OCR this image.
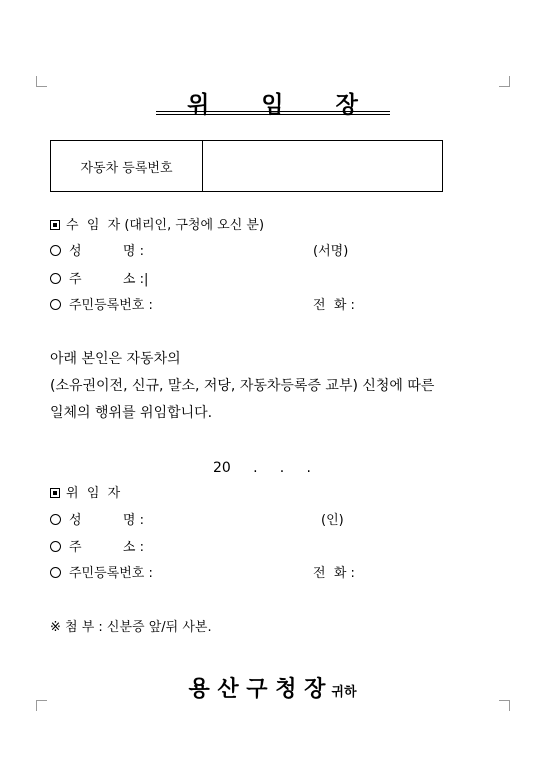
위 임 장
자동차 등록번호
수  임  자 (대리인, 구청에 오신 분)
성          명 :	(서명)
주          소 :|
주민등록번호 :	전  화 :
아래 본인은 자동차의
(소유권이전, 신규, 말소, 저당, 자동차등록증 교부) 신청에 따른
일체의 행위를 위임합니다.
20     .     .     .
위  임  자
성          명 :	(인)
주          소 :
주민등록번호 :	전  화 :
※ 첨 부 : 신분증 앞/뒤 사본.
용 산 구 청 장 귀하
